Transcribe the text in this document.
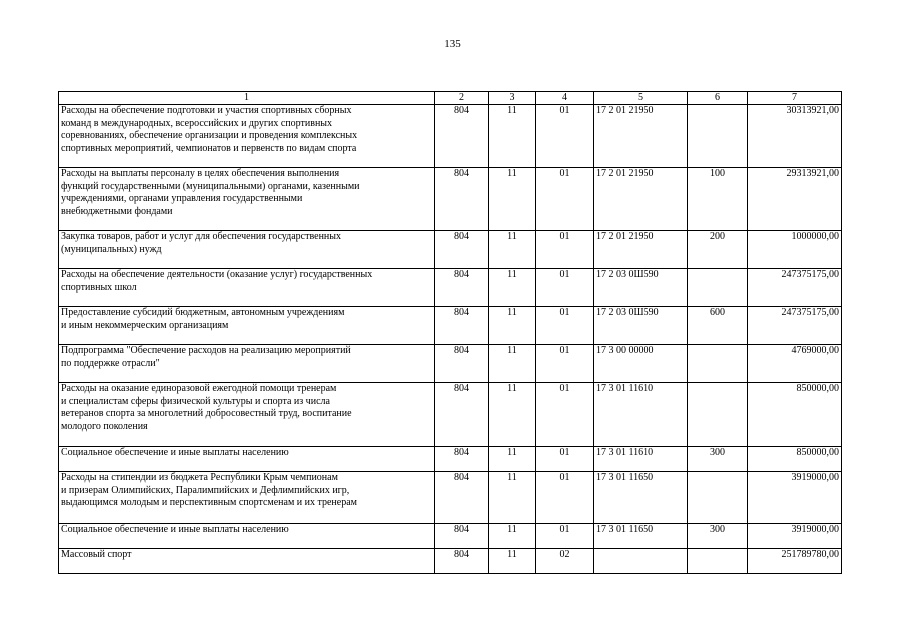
135
1	2	3	4	5	6	7
Расходы на обеспечение подготовки и участия спортивных сборных
команд в международных, всероссийских и других спортивных
соревнованиях, обеспечение организации и проведения комплексных
спортивных мероприятий, чемпионатов и первенств по видам спорта	804	11	01	17 2 01 21950		30313921,00
Расходы на выплаты персоналу в целях обеспечения выполнения
функций государственными (муниципальными) органами, казенными
учреждениями, органами управления государственными
внебюджетными фондами	804	11	01	17 2 01 21950	100	29313921,00
Закупка товаров, работ и услуг для обеспечения государственных
(муниципальных) нужд	804	11	01	17 2 01 21950	200	1000000,00
Расходы на обеспечение деятельности (оказание услуг) государственных
спортивных школ	804	11	01	17 2 03 0Ш590		247375175,00
Предоставление субсидий бюджетным, автономным учреждениям
и иным некоммерческим организациям	804	11	01	17 2 03 0Ш590	600	247375175,00
Подпрограмма "Обеспечение расходов на реализацию мероприятий
по поддержке отрасли"	804	11	01	17 3 00 00000		4769000,00
Расходы на оказание единоразовой ежегодной помощи тренерам
и специалистам сферы физической культуры и спорта из числа
ветеранов спорта за многолетний добросовестный труд, воспитание
молодого поколения	804	11	01	17 3 01 11610		850000,00
Социальное обеспечение и иные выплаты населению	804	11	01	17 3 01 11610	300	850000,00
Расходы на стипендии из бюджета Республики Крым чемпионам
и призерам Олимпийских, Паралимпийских и Дефлимпийских игр,
выдающимся молодым и перспективным спортсменам и их тренерам	804	11	01	17 3 01 11650		3919000,00
Социальное обеспечение и иные выплаты населению	804	11	01	17 3 01 11650	300	3919000,00
Массовый спорт	804	11	02			251789780,00
